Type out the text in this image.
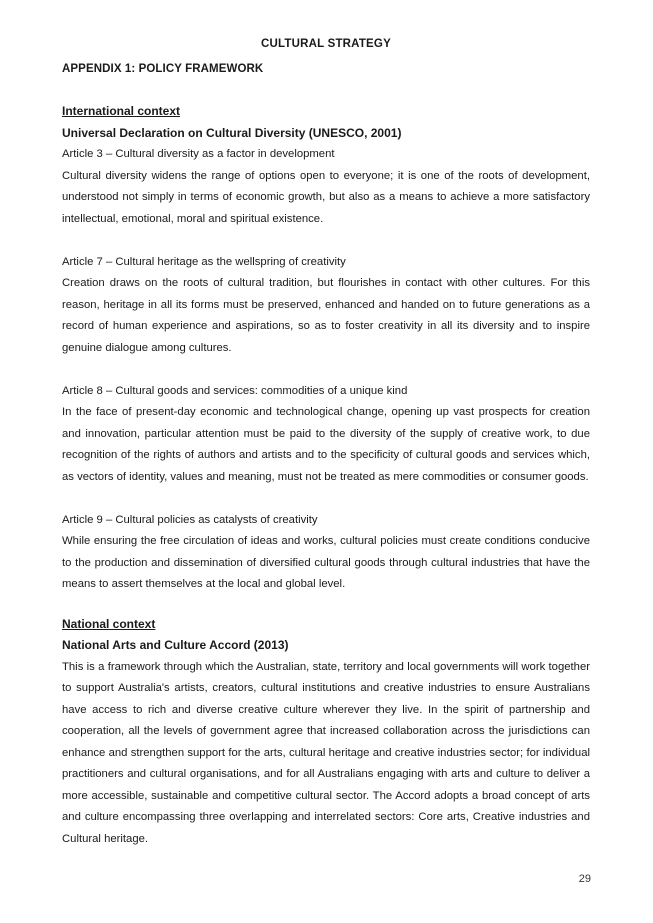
CULTURAL STRATEGY
APPENDIX 1: POLICY FRAMEWORK

International context

Universal Declaration on Cultural Diversity (UNESCO, 2001)

Article 3 – Cultural diversity as a factor in development

Cultural diversity widens the range of options open to everyone; it is one of the roots of development, understood not simply in terms of economic growth, but also as a means to achieve a more satisfactory intellectual, emotional, moral and spiritual existence.

Article 7 – Cultural heritage as the wellspring of creativity

Creation draws on the roots of cultural tradition, but flourishes in contact with other cultures. For this reason, heritage in all its forms must be preserved, enhanced and handed on to future generations as a record of human experience and aspirations, so as to foster creativity in all its diversity and to inspire genuine dialogue among cultures.

Article 8 – Cultural goods and services: commodities of a unique kind

In the face of present-day economic and technological change, opening up vast prospects for creation and innovation, particular attention must be paid to the diversity of the supply of creative work, to due recognition of the rights of authors and artists and to the specificity of cultural goods and services which, as vectors of identity, values and meaning, must not be treated as mere commodities or consumer goods.

Article 9 – Cultural policies as catalysts of creativity

While ensuring the free circulation of ideas and works, cultural policies must create conditions conducive to the production and dissemination of diversified cultural goods through cultural industries that have the means to assert themselves at the local and global level.

National context

National Arts and Culture Accord (2013)

This is a framework through which the Australian, state, territory and local governments will work together to support Australia's artists, creators, cultural institutions and creative industries to ensure Australians have access to rich and diverse creative culture wherever they live. In the spirit of partnership and cooperation, all the levels of government agree that increased collaboration across the jurisdictions can enhance and strengthen support for the arts, cultural heritage and creative industries sector; for individual practitioners and cultural organisations, and for all Australians engaging with arts and culture to deliver a more accessible, sustainable and competitive cultural sector. The Accord adopts a broad concept of arts and culture encompassing three overlapping and interrelated sectors: Core arts, Creative industries and Cultural heritage.

29
